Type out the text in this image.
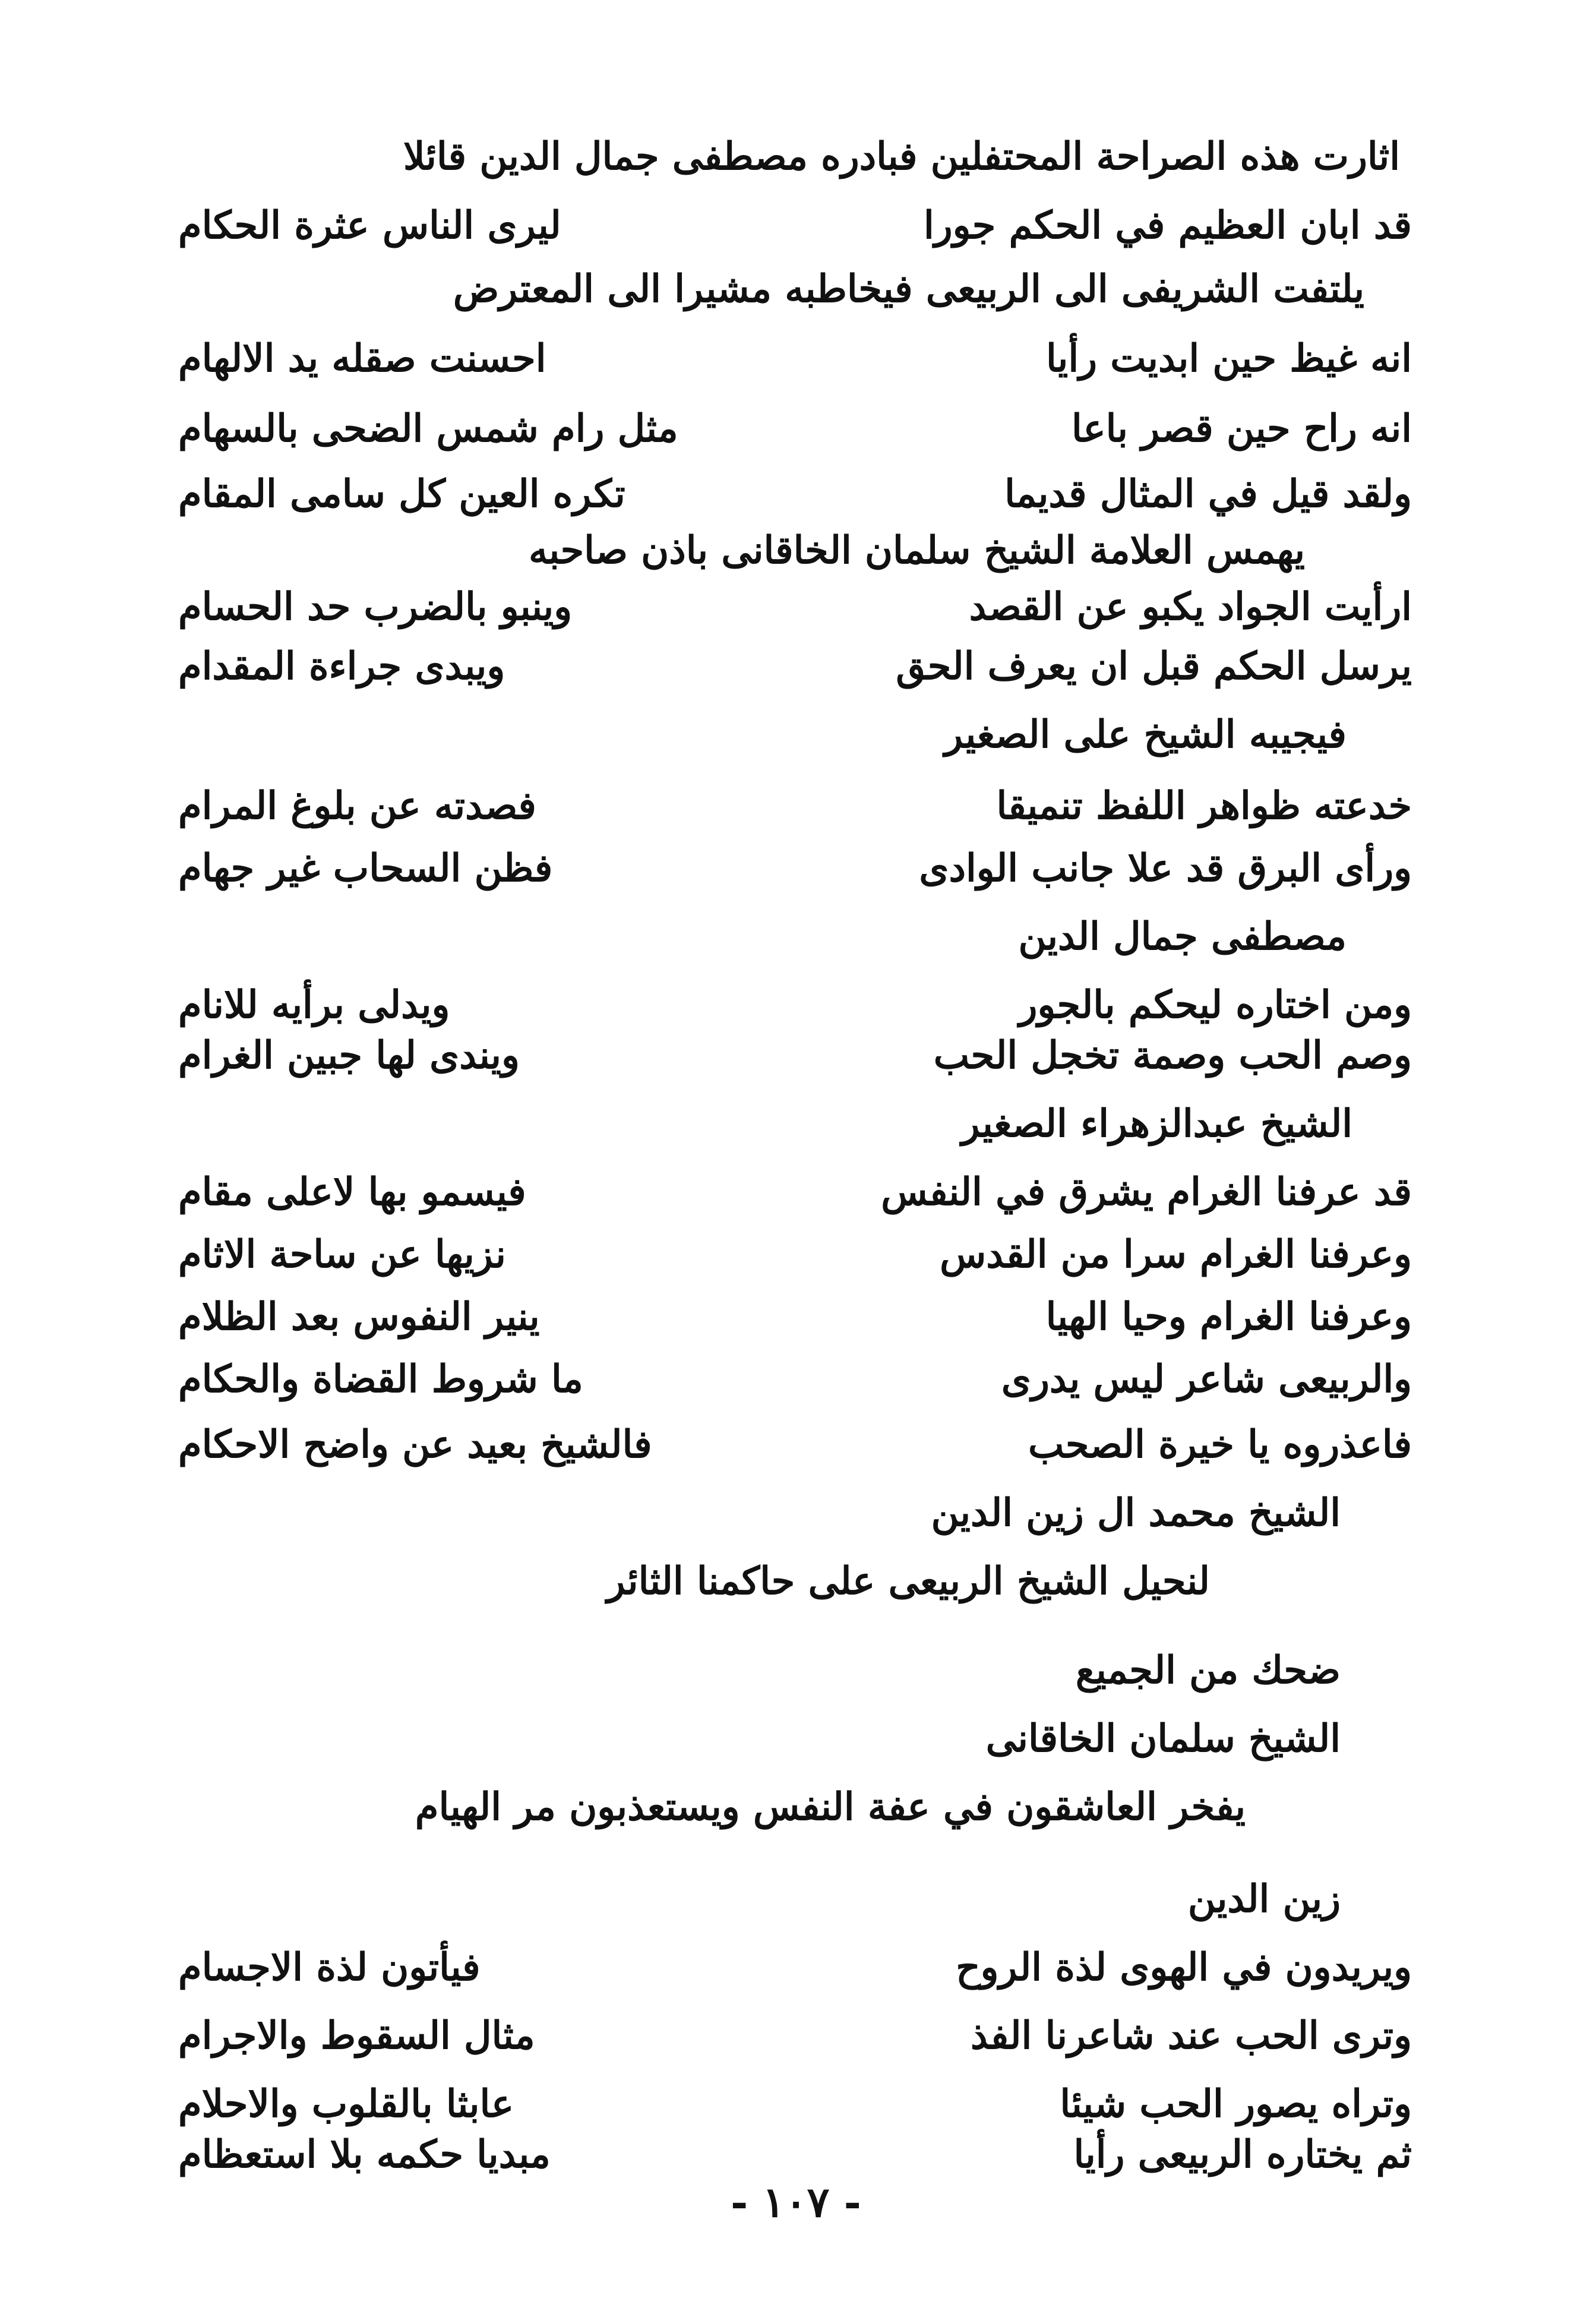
اثارت هذه الصراحة المحتفلين فبادره مصطفى جمال الدين قائلا
قد ابان العظيم في الحكم جورا
ليرى الناس عثرة الحكام
يلتفت الشريفى الى الربيعى فيخاطبه مشيرا الى المعترض
انه غيظ حين ابديت رأيا
احسنت صقله يد الالهام
انه راح حين قصر باعا
مثل رام شمس الضحى بالسهام
ولقد قيل في المثال قديما
تكره العين كل سامى المقام
يهمس العلامة الشيخ سلمان الخاقانى باذن صاحبه
ارأيت الجواد يكبو عن القصد
وينبو بالضرب حد الحسام
يرسل الحكم قبل ان يعرف الحق
ويبدى جراءة المقدام
فيجيبه الشيخ على الصغير
خدعته ظواهر اللفظ تنميقا
فصدته عن بلوغ المرام
ورأى البرق قد علا جانب الوادى
فظن السحاب غير جهام
مصطفى جمال الدين
ومن اختاره ليحكم بالجور
ويدلى برأيه للانام
وصم الحب وصمة تخجل الحب
ويندى لها جبين الغرام
الشيخ عبدالزهراء الصغير
قد عرفنا الغرام يشرق في النفس
فيسمو بها لاعلى مقام
وعرفنا الغرام سرا من القدس
نزيها عن ساحة الاثام
وعرفنا الغرام وحيا الهيا
ينير النفوس بعد الظلام
والربيعى شاعر ليس يدرى
ما شروط القضاة والحكام
فاعذروه يا خيرة الصحب
فالشيخ بعيد عن واضح الاحكام
الشيخ محمد ال زين الدين
لنحيل الشيخ الربيعى على حاكمنا الثائر
ضحك من الجميع
الشيخ سلمان الخاقانى
يفخر العاشقون في عفة النفس ويستعذبون مر الهيام
زين الدين
ويريدون في الهوى لذة الروح
فيأتون لذة الاجسام
وترى الحب عند شاعرنا الفذ
مثال السقوط والاجرام
وتراه يصور الحب شيئا
عابثا بالقلوب والاحلام
ثم يختاره الربيعى رأيا
مبديا حكمه بلا استعظام
- ١٠٧ -
